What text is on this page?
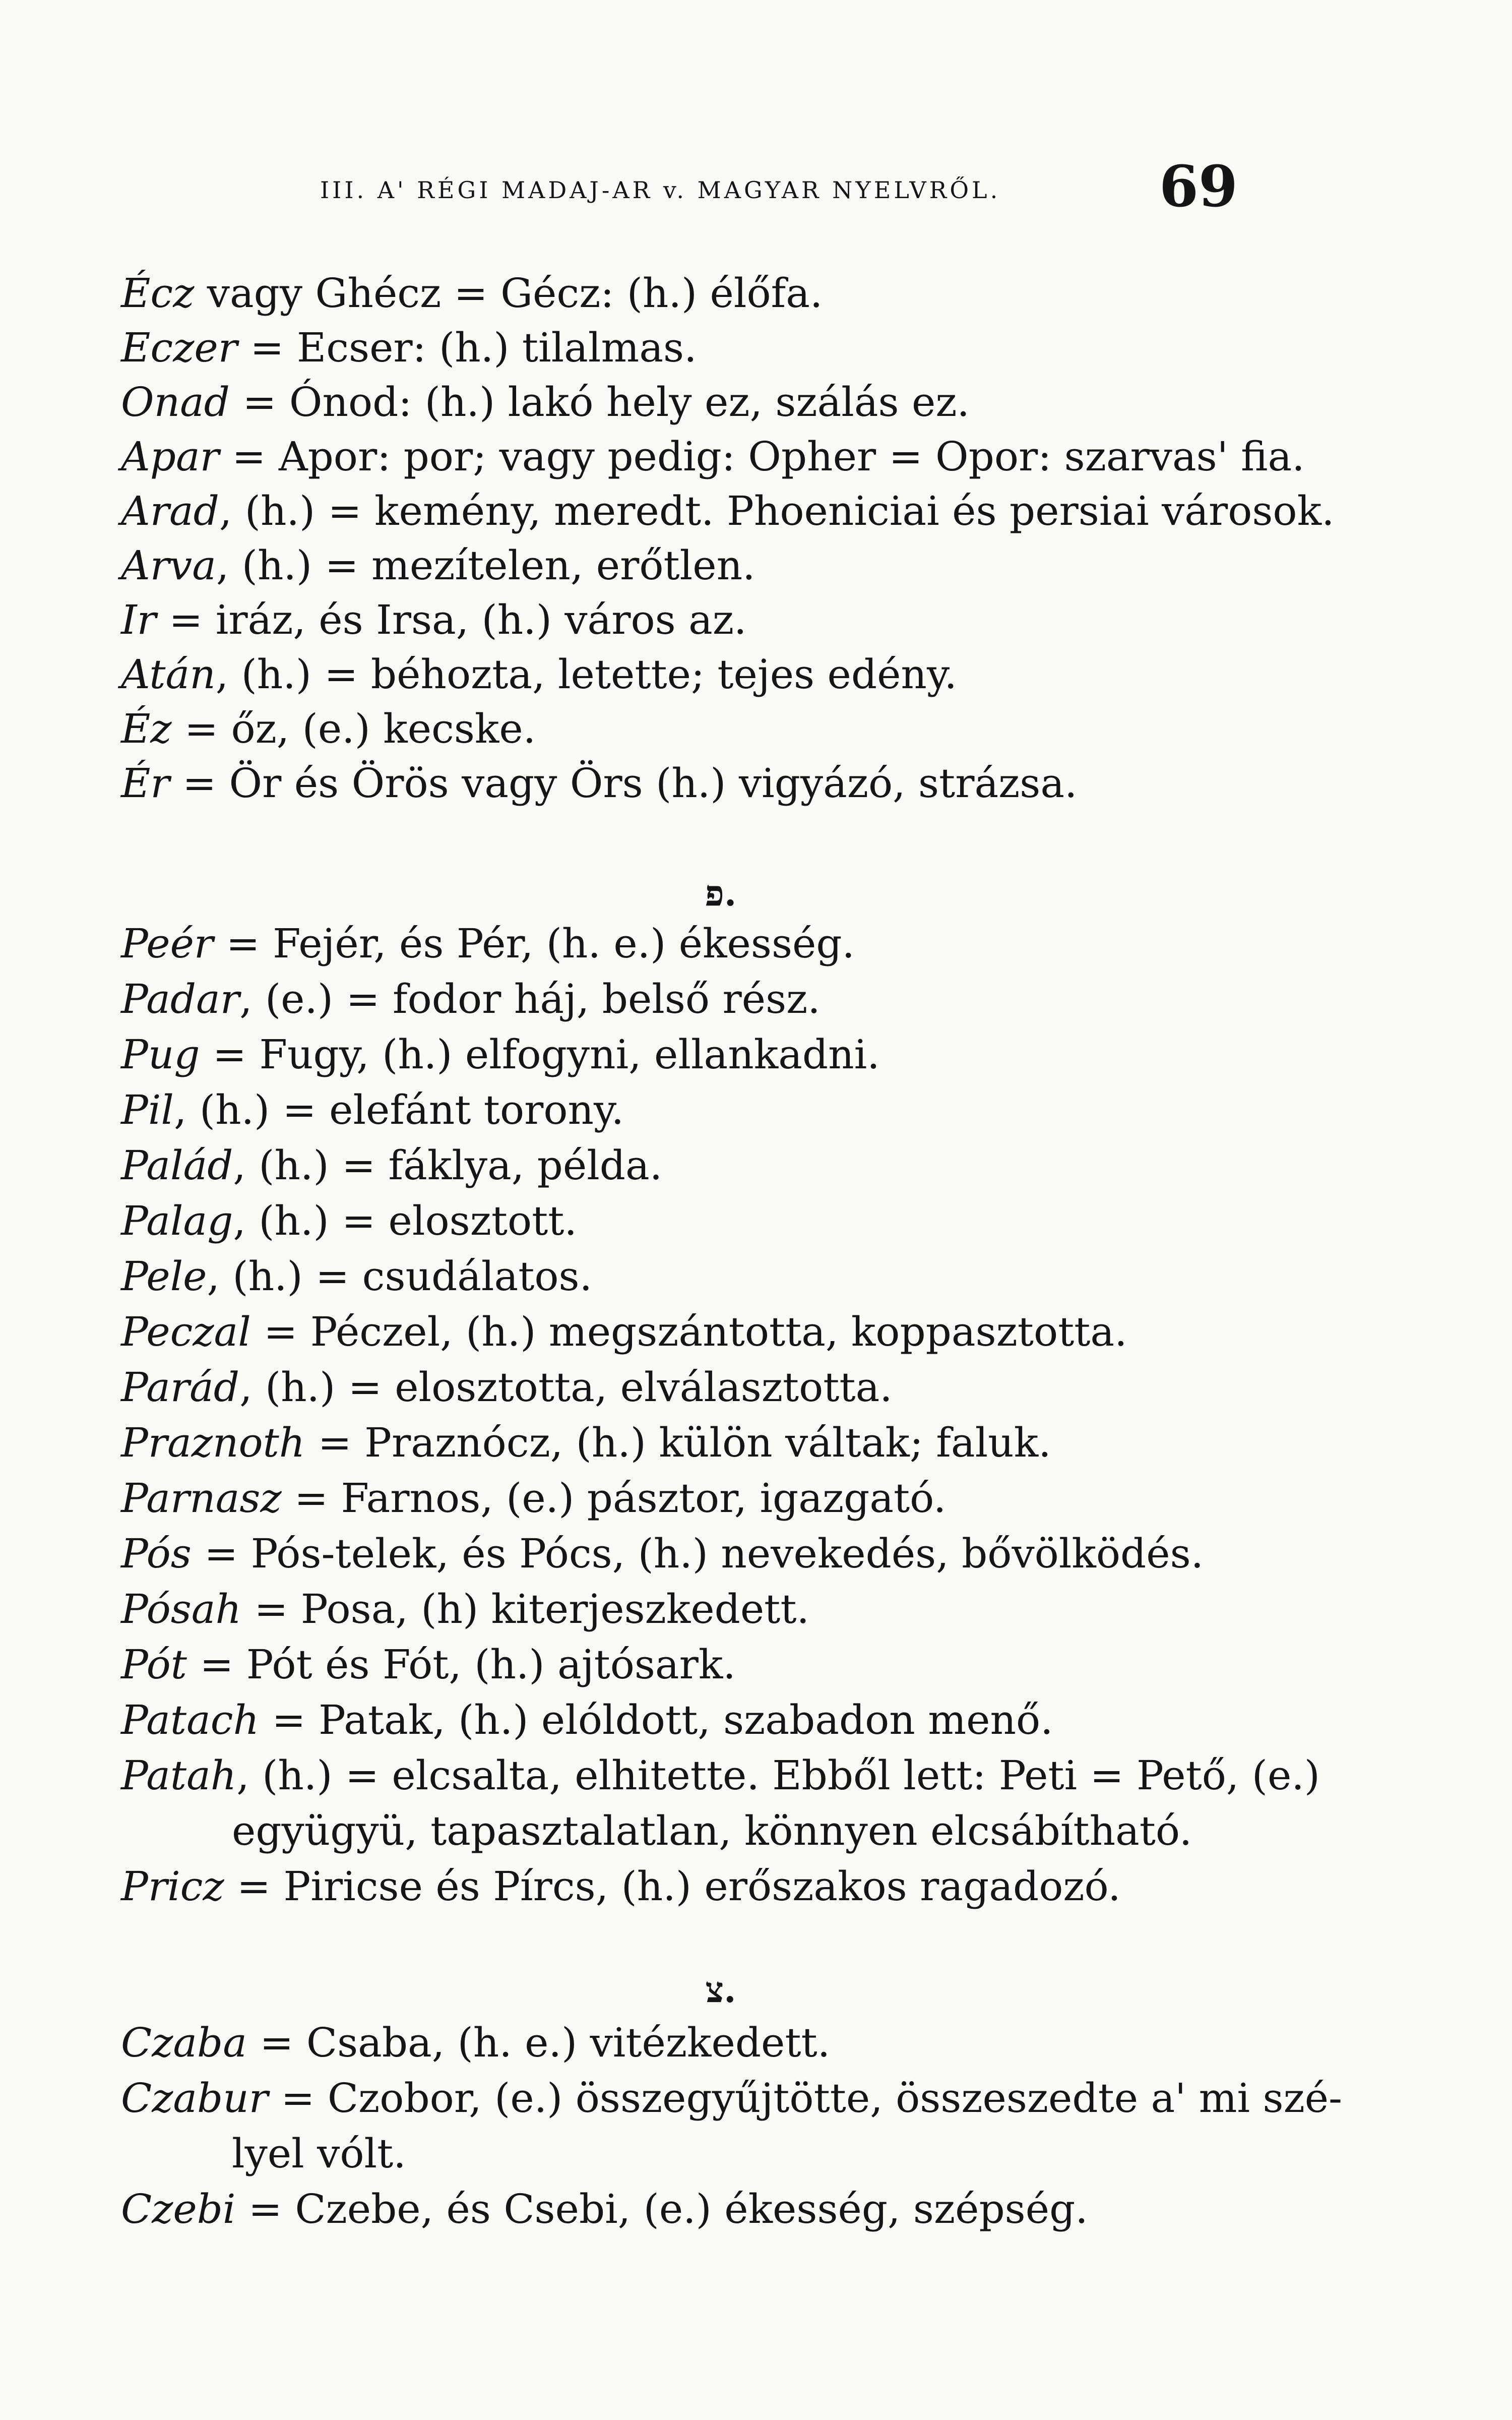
III. A' RÉGI MADAJ-AR v. MAGYAR NYELVRŐL.	69
Écz vagy Ghécz = Gécz: (h.) élőfa.
Eczer = Ecser: (h.) tilalmas.
Onad = Ónod: (h.) lakó hely ez, szálás ez.
Apar = Apor: por; vagy pedig: Opher = Opor: szarvas' fia.
Arad, (h.) = kemény, meredt. Phoeniciai és persiai városok.
Arva, (h.) = mezítelen, erőtlen.
Ir = iráz, és Irsa, (h.) város az.
Atán, (h.) = béhozta, letette; tejes edény.
Éz = őz, (e.) kecske.
Ér = Ör és Örös vagy Örs (h.) vigyázó, strázsa.
פ.
Peér = Fejér, és Pér, (h. e.) ékesség.
Padar, (e.) = fodor háj, belső rész.
Pug = Fugy, (h.) elfogyni, ellankadni.
Pil, (h.) = elefánt torony.
Palád, (h.) = fáklya, példa.
Palag, (h.) = elosztott.
Pele, (h.) = csudálatos.
Peczal = Péczel, (h.) megszántotta, koppasztotta.
Parád, (h.) = elosztotta, elválasztotta.
Praznoth = Praznócz, (h.) külön váltak; faluk.
Parnasz = Farnos, (e.) pásztor, igazgató.
Pós = Pós-telek, és Pócs, (h.) nevekedés, bővölködés.
Pósah = Posa, (h) kiterjeszkedett.
Pót = Pót és Fót, (h.) ajtósark.
Patach = Patak, (h.) elóldott, szabadon menő.
Patah, (h.) = elcsalta, elhitette. Ebből lett: Peti = Pető, (e.)
együgyü, tapasztalatlan, könnyen elcsábítható.
Pricz = Piricse és Pírcs, (h.) erőszakos ragadozó.
צ.
Czaba = Csaba, (h. e.) vitézkedett.
Czabur = Czobor, (e.) összegyűjtötte, összeszedte a' mi szé-
lyel vólt.
Czebi = Czebe, és Csebi, (e.) ékesség, szépség.
